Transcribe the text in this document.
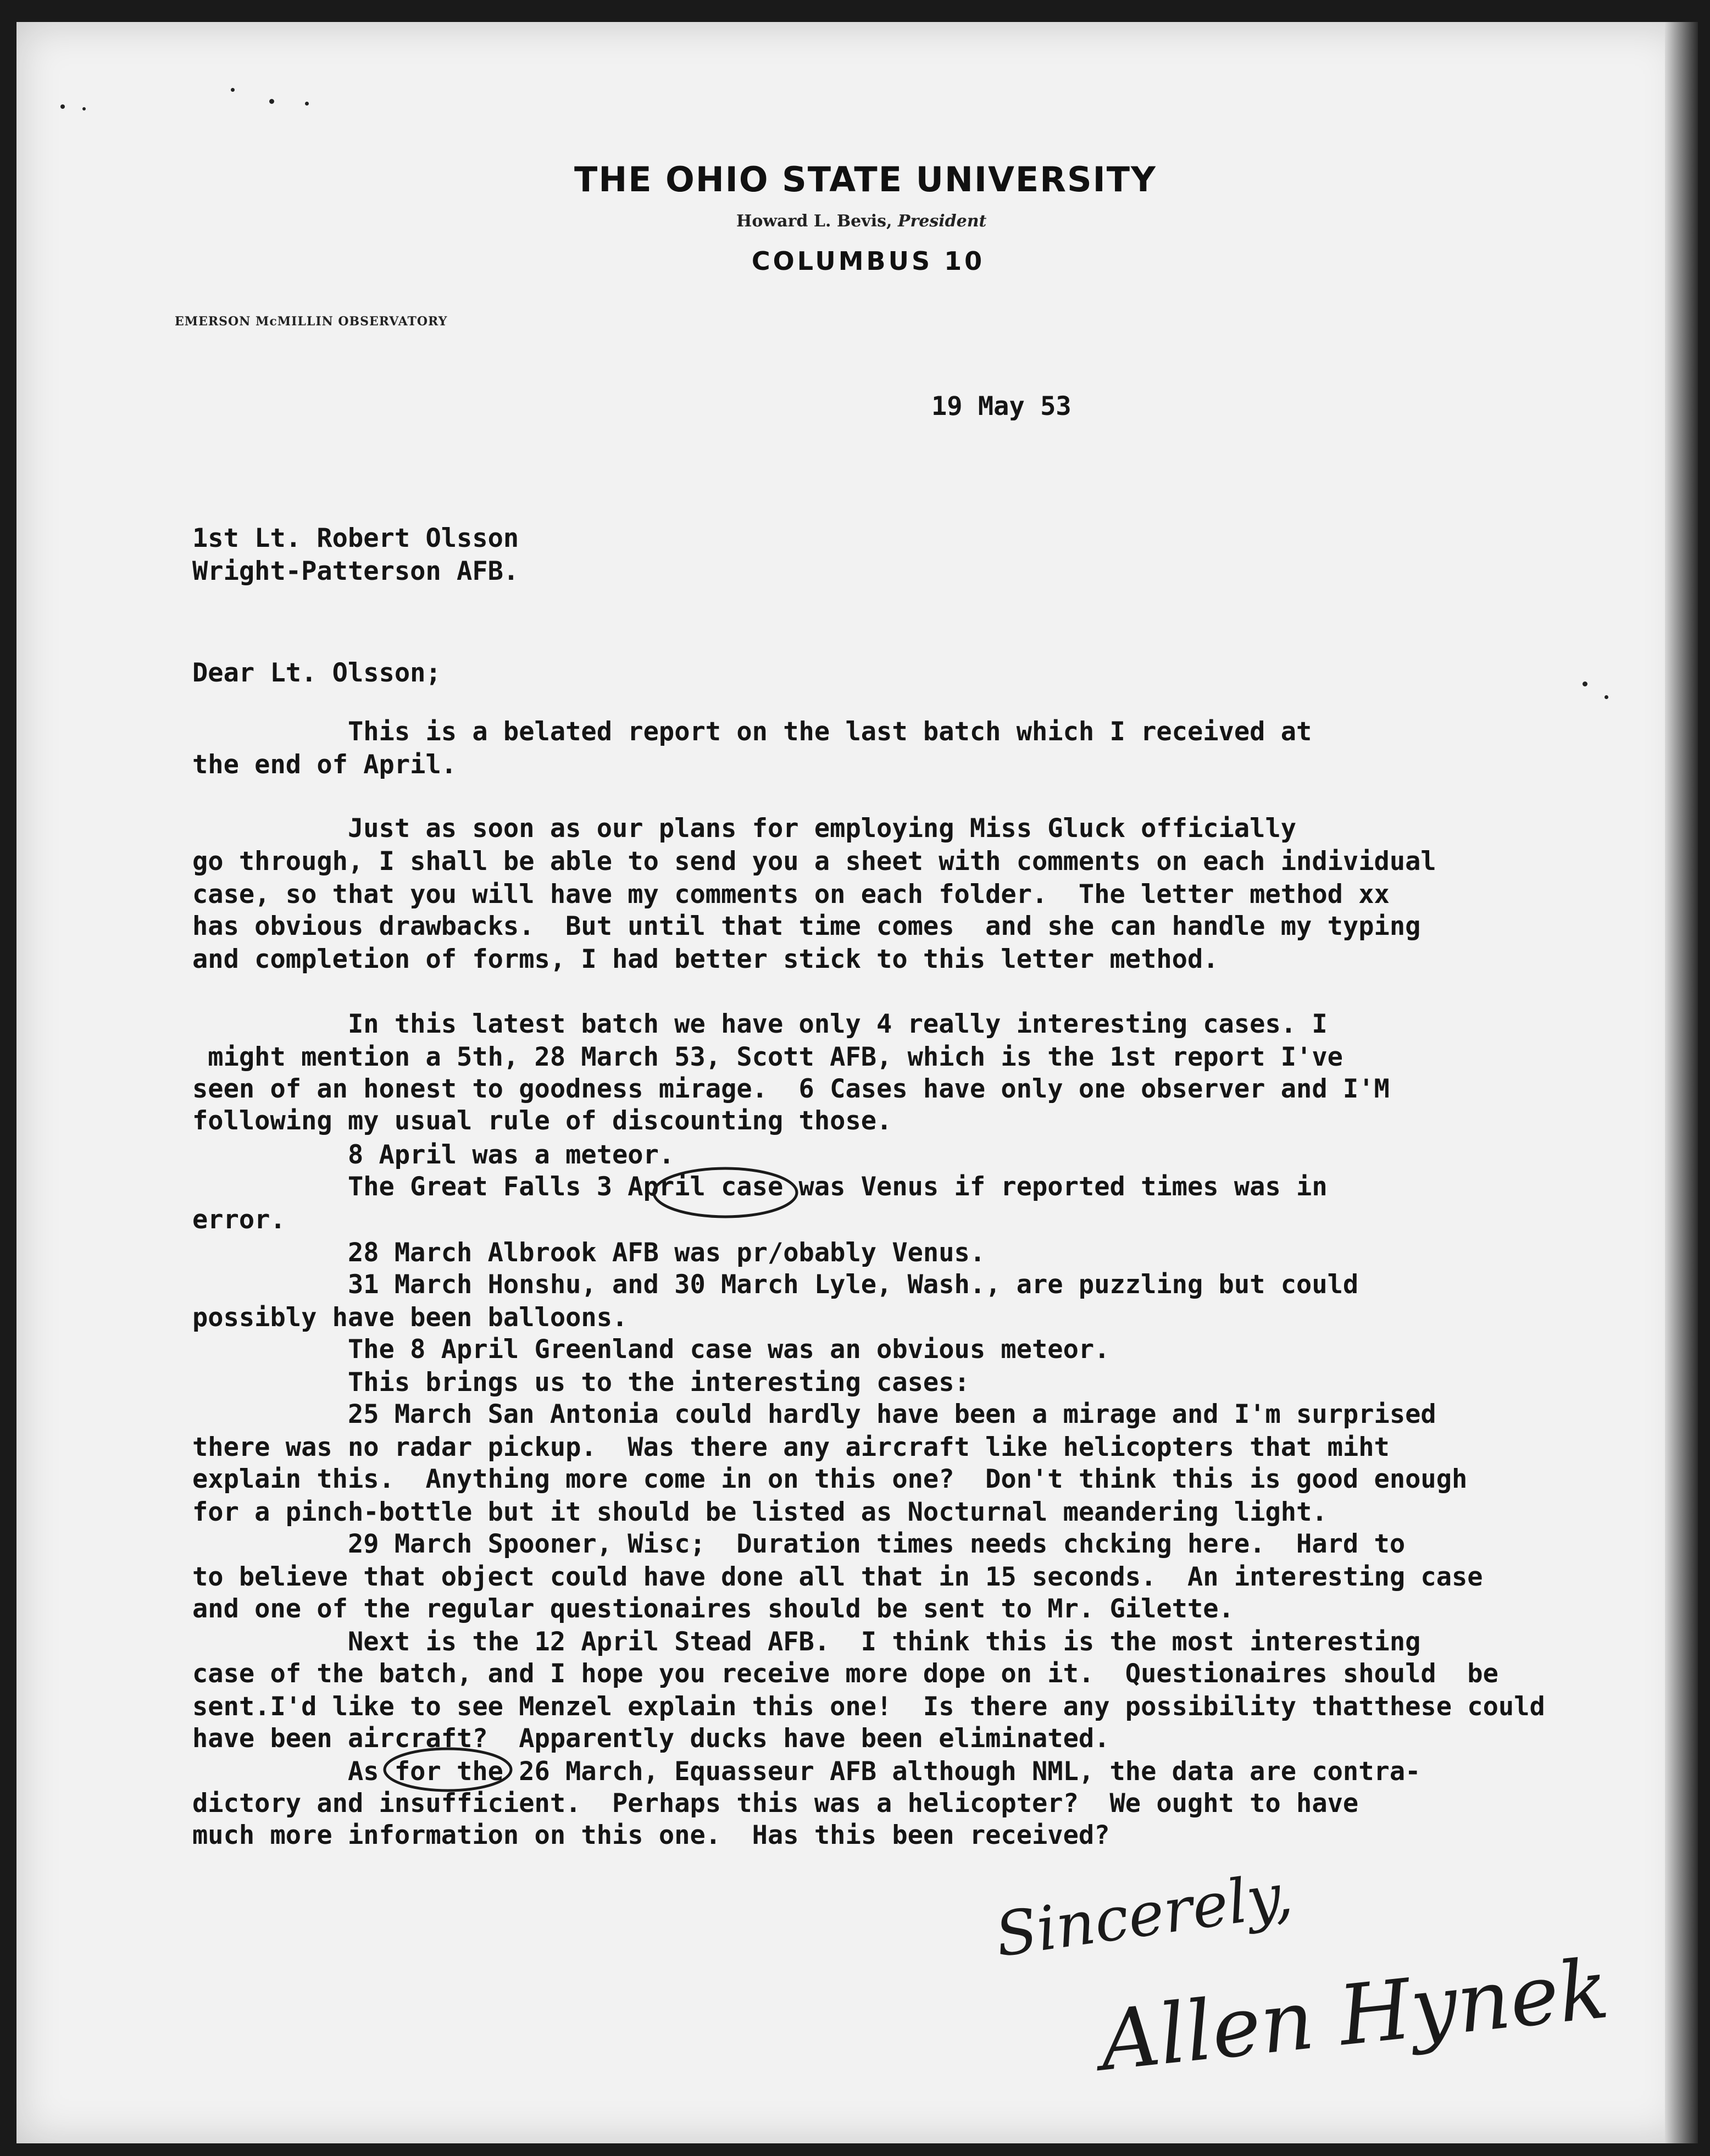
THE OHIO STATE UNIVERSITY
Howard L. Bevis, President
COLUMBUS 10
EMERSON McMILLIN OBSERVATORY
19 May 53
1st Lt. Robert Olsson
Wright-Patterson AFB.
Dear Lt. Olsson;
This is a belated report on the last batch which I received at
the end of April.
Just as soon as our plans for employing Miss Gluck officially
go through, I shall be able to send you a sheet with comments on each individual
case, so that you will have my comments on each folder.  The letter method xx
has obvious drawbacks.  But until that time comes  and she can handle my typing
and completion of forms, I had better stick to this letter method.
In this latest batch we have only 4 really interesting cases. I
might mention a 5th, 28 March 53, Scott AFB, which is the 1st report I've
seen of an honest to goodness mirage.  6 Cases have only one observer and I'M
following my usual rule of discounting those.
8 April was a meteor.
The Great Falls 3 April case was Venus if reported times was in
error.
28 March Albrook AFB was pr/obably Venus.
31 March Honshu, and 30 March Lyle, Wash., are puzzling but could
possibly have been balloons.
The 8 April Greenland case was an obvious meteor.
This brings us to the interesting cases:
25 March San Antonia could hardly have been a mirage and I'm surprised
there was no radar pickup.  Was there any aircraft like helicopters that miht
explain this.  Anything more come in on this one?  Don't think this is good enough
for a pinch-bottle but it should be listed as Nocturnal meandering light.
29 March Spooner, Wisc;  Duration times needs chcking here.  Hard to
to believe that object could have done all that in 15 seconds.  An interesting case
and one of the regular questionaires should be sent to Mr. Gilette.
Next is the 12 April Stead AFB.  I think this is the most interesting
case of the batch, and I hope you receive more dope on it.  Questionaires should  be
sent.I'd like to see Menzel explain this one!  Is there any possibility thatthese could
have been aircraft?  Apparently ducks have been eliminated.
As for the 26 March, Equasseur AFB although NML, the data are contra-
dictory and insufficient.  Perhaps this was a helicopter?  We ought to have
much more information on this one.  Has this been received?
Sincerely,
Allen Hynek
